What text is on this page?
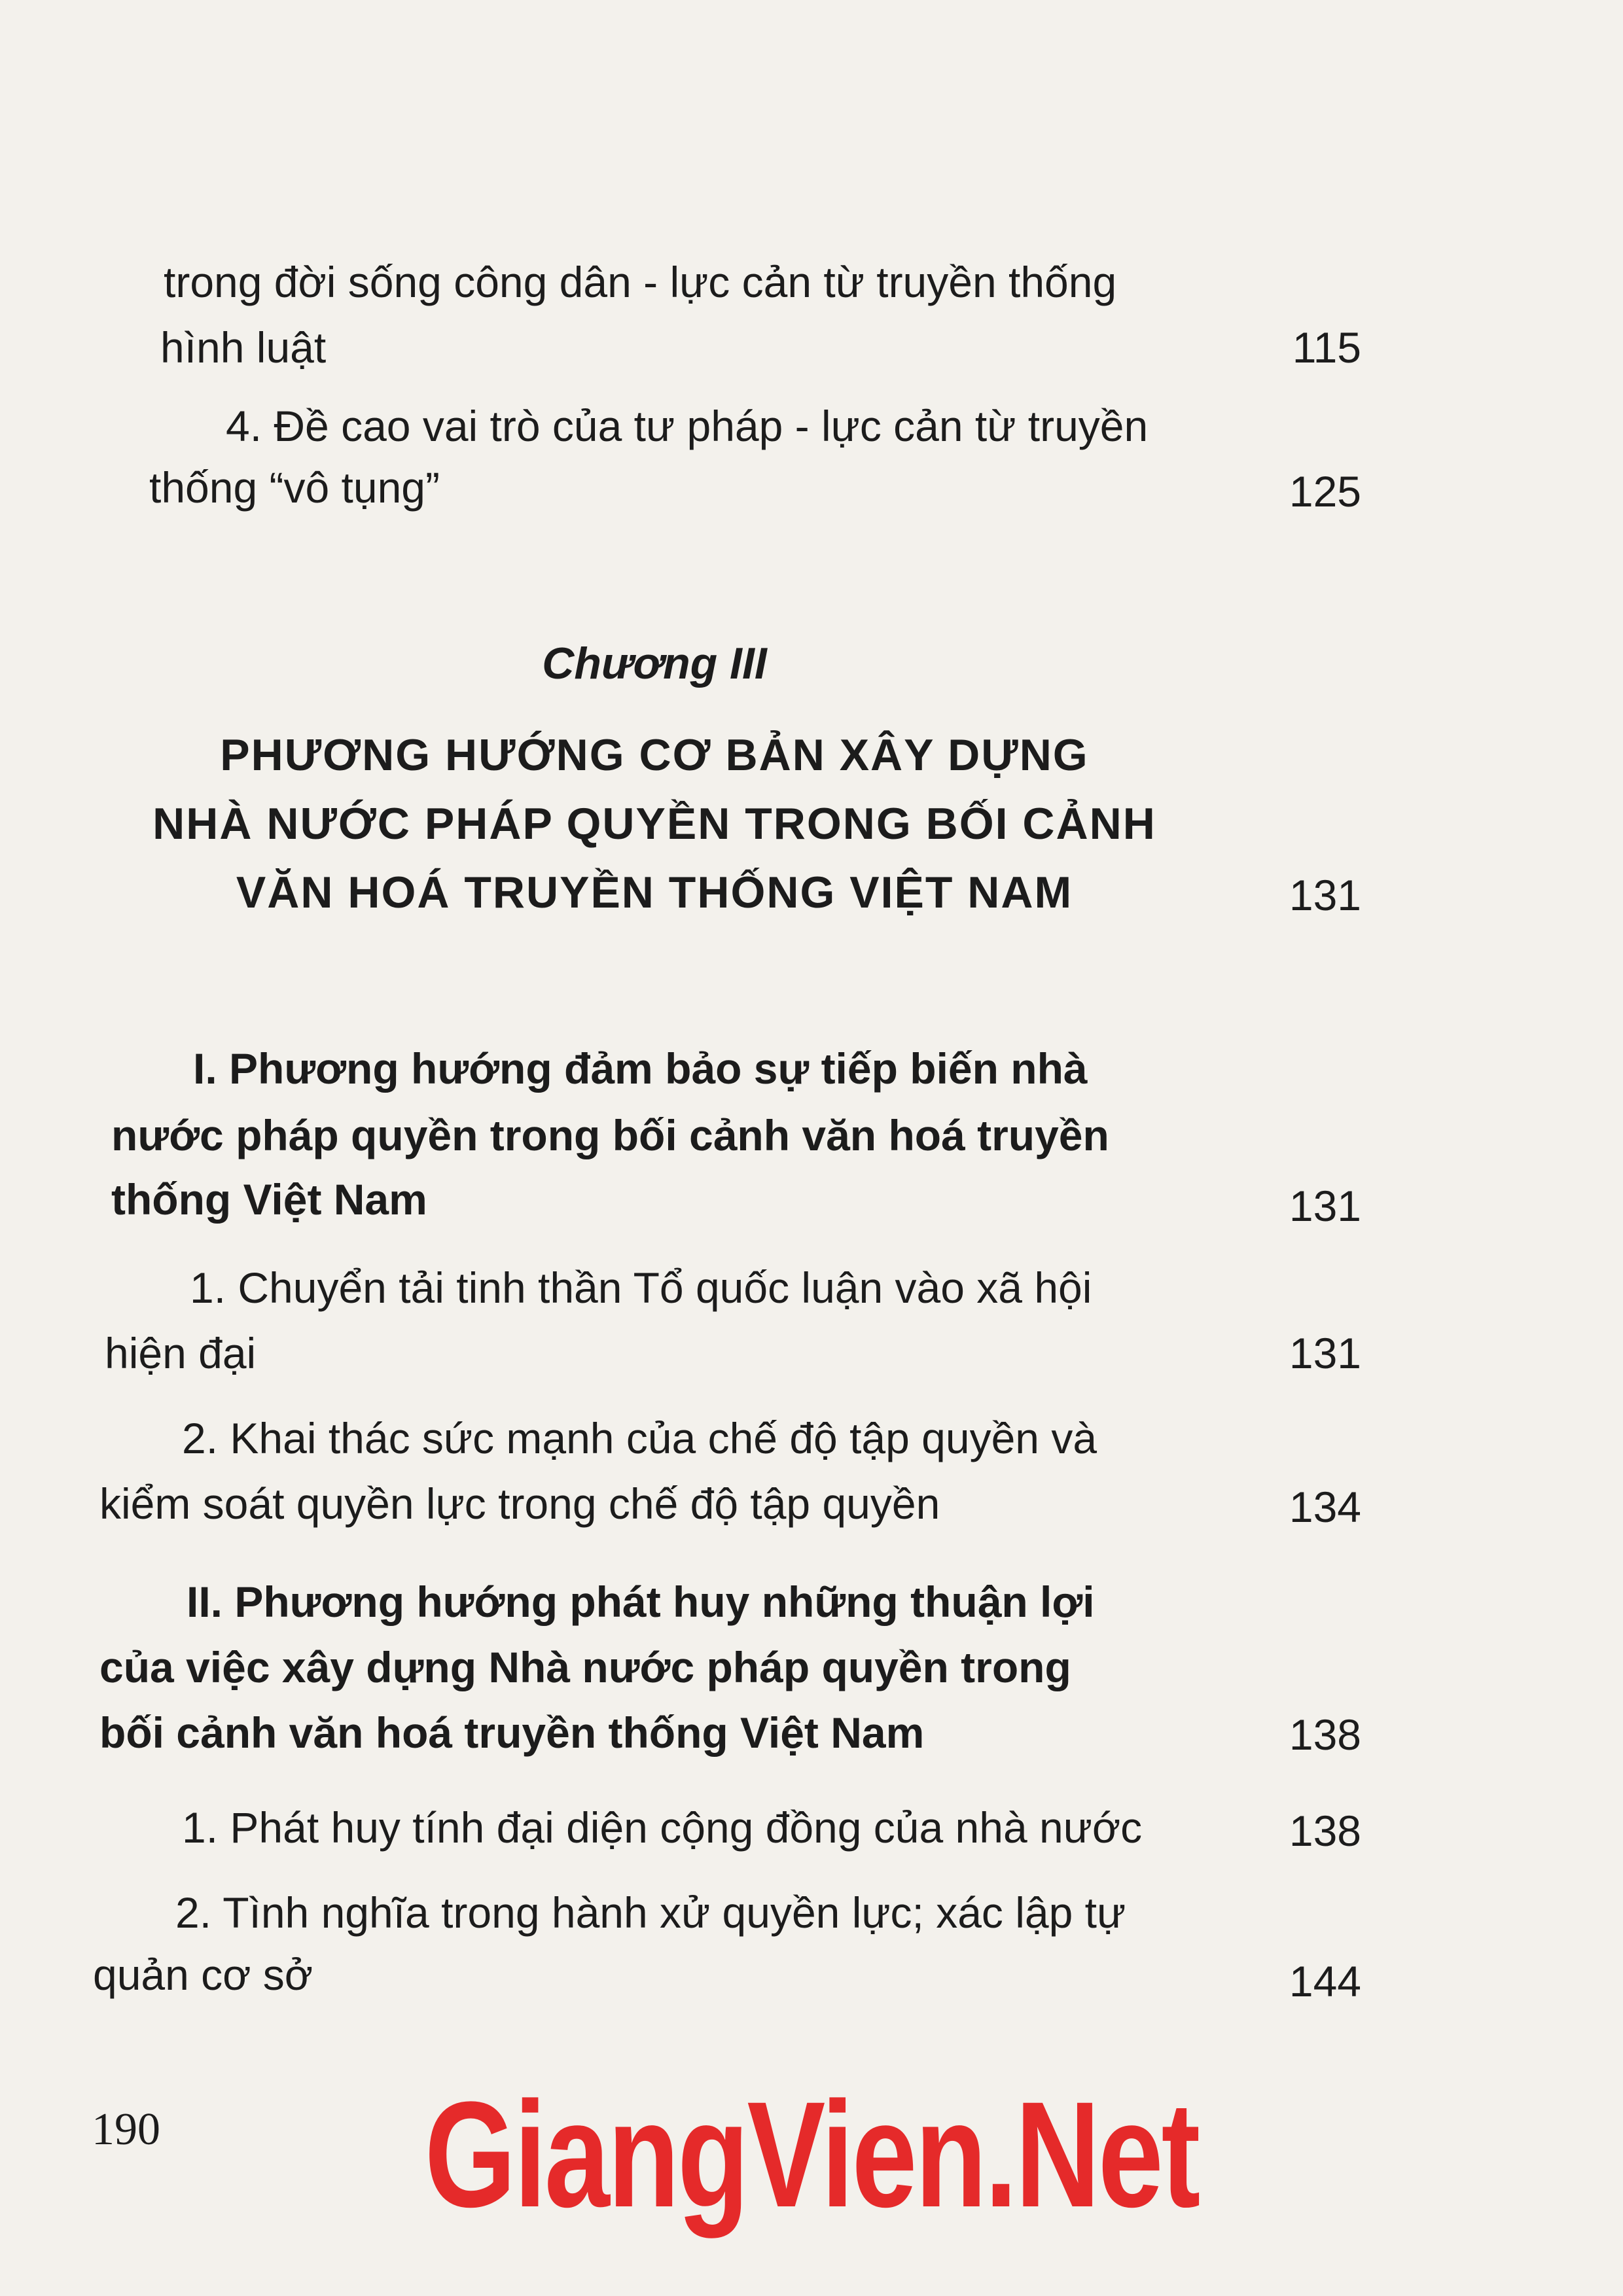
trong đời sống công dân - lực cản từ truyền thống
hình luật	115
4. Đề cao vai trò của tư pháp - lực cản từ truyền
thống “vô tụng”	125
Chương III
PHƯƠNG HƯỚNG CƠ BẢN XÂY DỰNG
NHÀ NƯỚC PHÁP QUYỀN TRONG BỐI CẢNH
VĂN HOÁ TRUYỀN THỐNG VIỆT NAM	131
I. Phương hướng đảm bảo sự tiếp biến nhà
nước pháp quyền trong bối cảnh văn hoá truyền
thống Việt Nam	131
1. Chuyển tải tinh thần Tổ quốc luận vào xã hội
hiện đại	131
2. Khai thác sức mạnh của chế độ tập quyền và
kiểm soát quyền lực trong chế độ tập quyền	134
II. Phương hướng phát huy những thuận lợi
của việc xây dựng Nhà nước pháp quyền trong
bối cảnh văn hoá truyền thống Việt Nam	138
1. Phát huy tính đại diện cộng đồng của nhà nước	138
2. Tình nghĩa trong hành xử quyền lực; xác lập tự
quản cơ sở	144
190	GiangVien.Net
